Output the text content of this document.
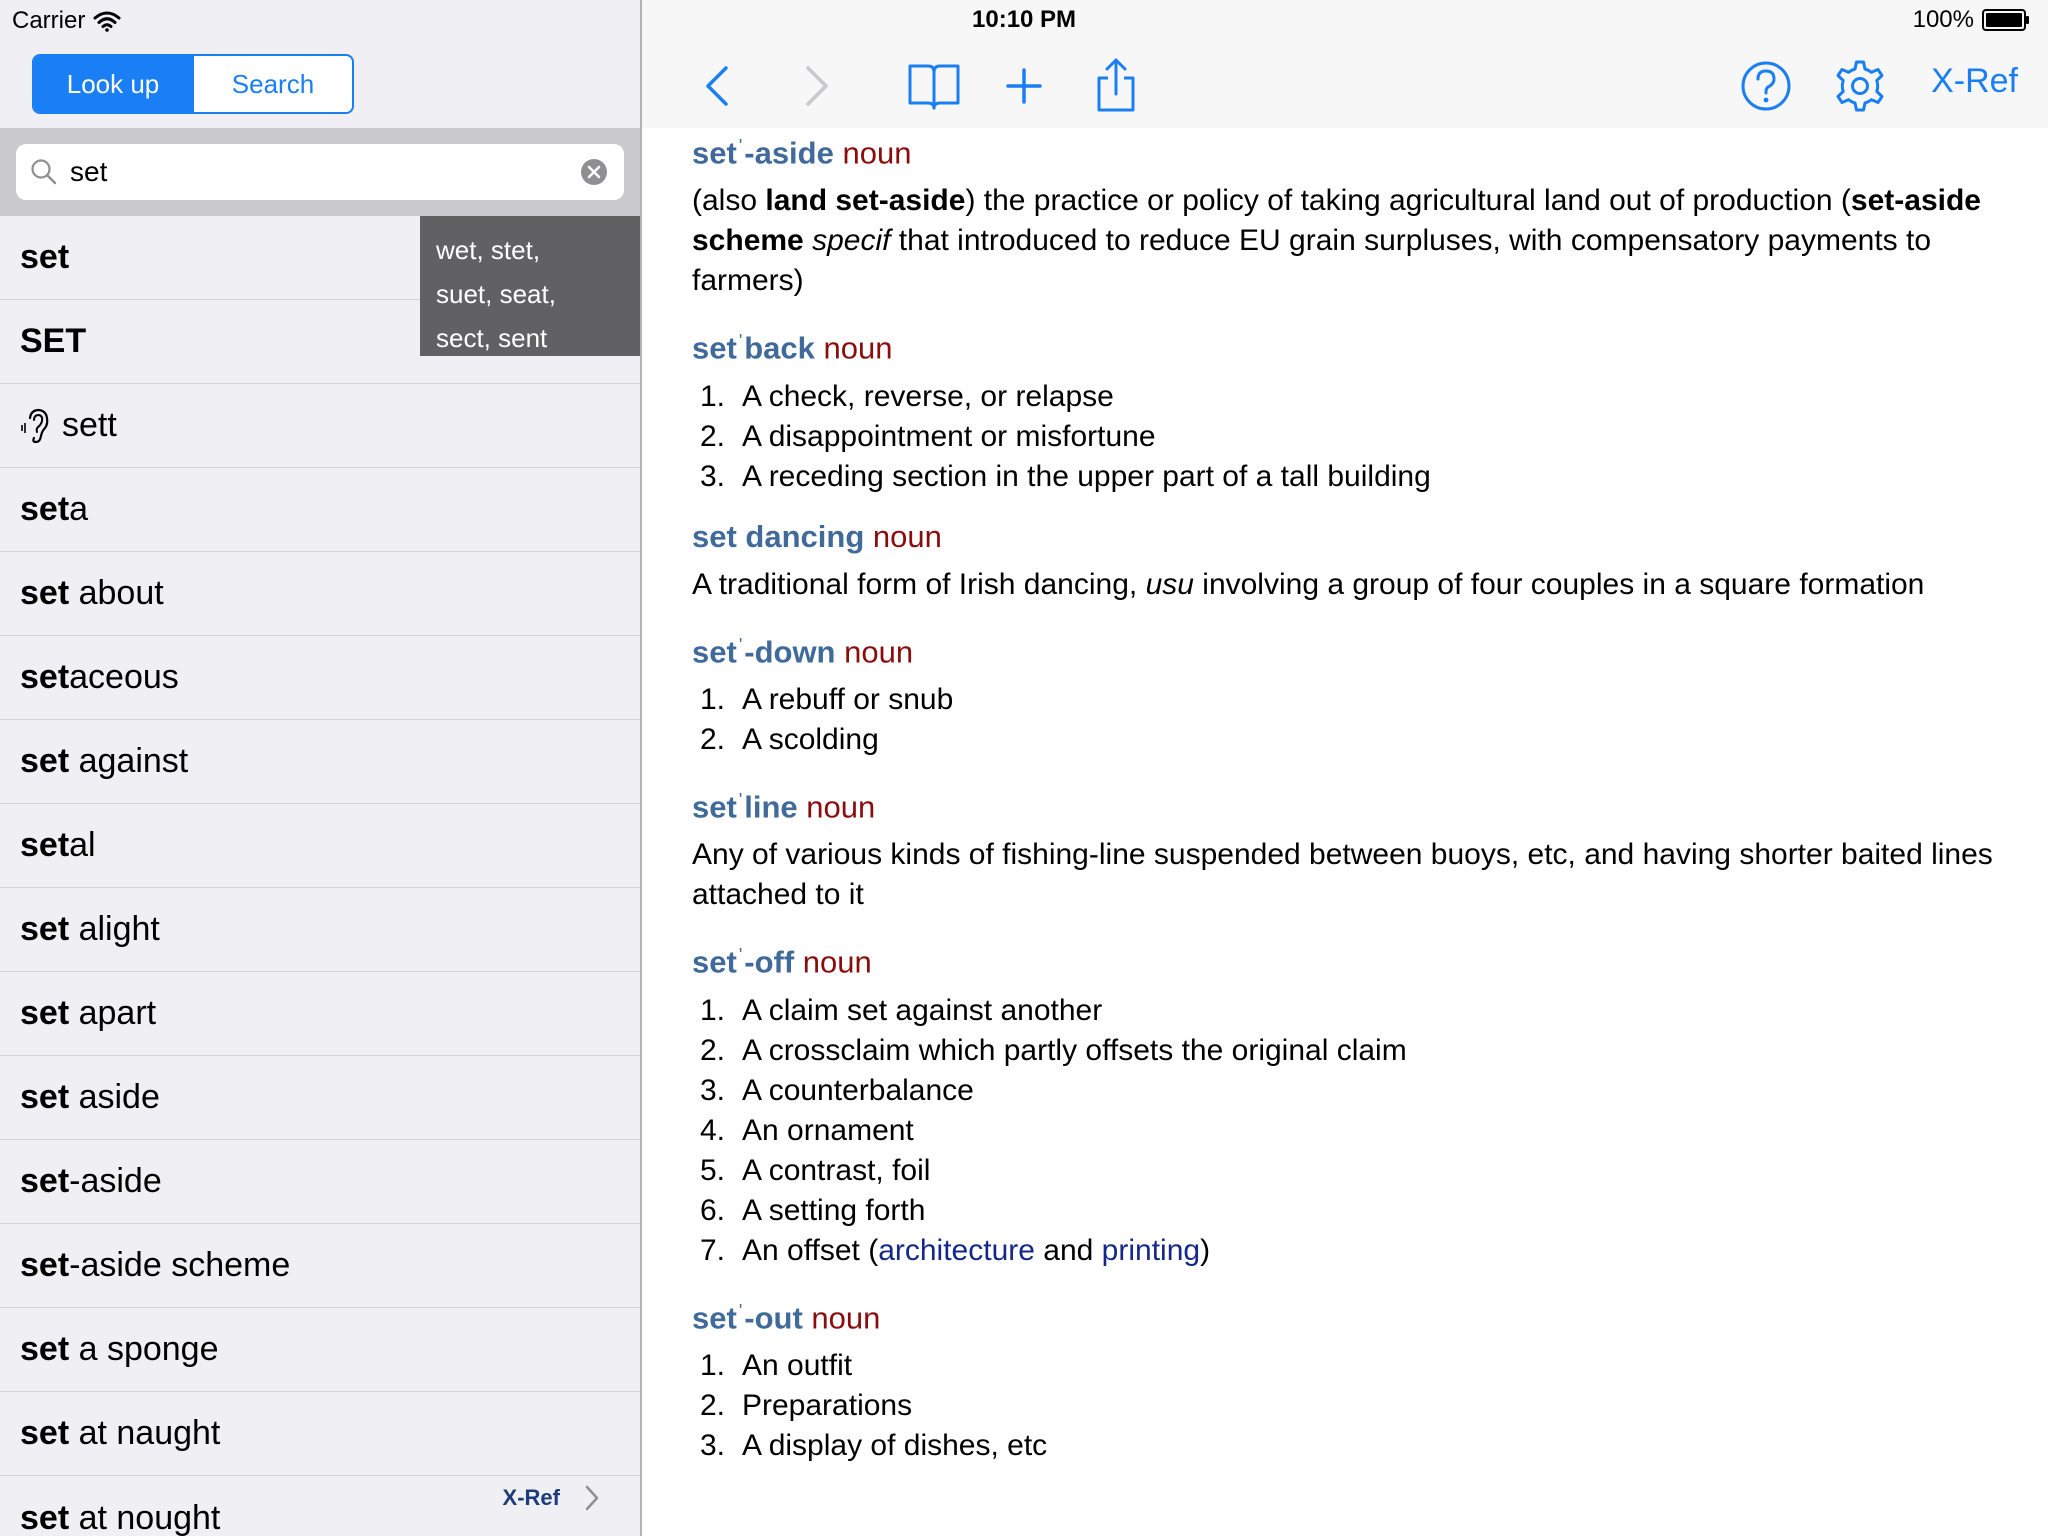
Carrier
Look up	Search
set
set
SET
sett
set a
set about
set aceous
set against
set al
set alight
set apart
set aside
set -aside
set -aside scheme
set a sponge
set at naught
set at nought
X-Ref
wet, stet,
suet, seat,
sect, sent
10:10 PM	100%
X-Ref
set '-aside noun
(also land set-aside) the practice or policy of taking agricultural land out of production (set-aside scheme specif that introduced to reduce EU grain surpluses, with compensatory payments to farmers)
set 'back noun
1. A check, reverse, or relapse
2. A disappointment or misfortune
3. A receding section in the upper part of a tall building
set dancing noun
A traditional form of Irish dancing, usu involving a group of four couples in a square formation
set '-down noun
1. A rebuff or snub
2. A scolding
set 'line noun
Any of various kinds of fishing-line suspended between buoys, etc, and having shorter baited lines attached to it
set '-off noun
1. A claim set against another
2. A crossclaim which partly offsets the original claim
3. A counterbalance
4. An ornament
5. A contrast, foil
6. A setting forth
7. An offset (architecture and printing)
set '-out noun
1. An outfit
2. Preparations
3. A display of dishes, etc
